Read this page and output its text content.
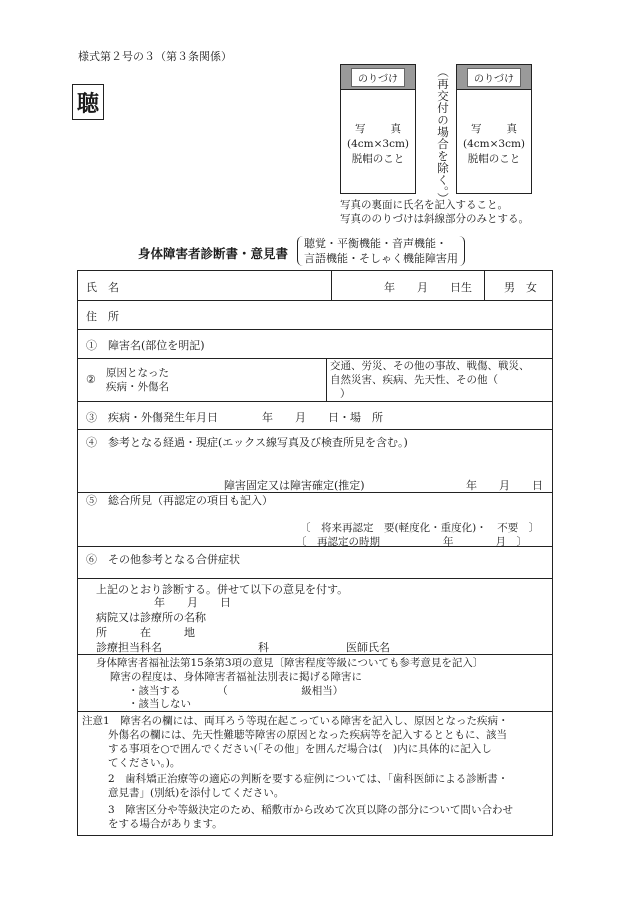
様式第２号の３（第３条関係）
聴
のりづけ
写 真
(4cm×3cm)
脱帽のこと	（再交付の場合を除く。）	のりづけ
写 真
(4cm×3cm)
脱帽のこと
写真の裏面に氏名を記入すること。
写真ののりづけは斜線部分のみとする。
身体障害者診断書・意見書
聴覚・平衡機能・音声機能・
言語機能・そしゃく機能障害用
氏　名	年　　月　　日生	男　女
住　所
①　障害名(部位を明記)
② 原因となった
疾病・外傷名
交通、労災、その他の事故、戦傷、戦災、
自然災害、疾病、先天性、その他（
）
③　疾病・外傷発生年月日　　　　年　　月　　日・場　所
④　参考となる経過・現症(エックス線写真及び検査所見を含む。)
障害固定又は障害確定(推定)	年　　月　　日
⑤　総合所見（再認定の項目も記入）
〔　将来再認定　要(軽度化・重度化)・　不要　〕
〔　再認定の時期　　　　　　年　　　　月　〕
⑥　その他参考となる合併症状
上記のとおり診断する。併せて以下の意見を付す。
年　　月　　日
病院又は診療所の名称
所　　　在　　　地
診療担当科名	科	医師氏名
身体障害者福祉法第15条第3項の意見〔障害程度等級についても参考意見を記入〕
障害の程度は、身体障害者福祉法別表に掲げる障害に
・該当する　　　　（　　　　　　　級相当）
・該当しない
注意1　障害名の欄には、両耳ろう等現在起こっている障害を記入し、原因となった疾病・
外傷名の欄には、先天性難聴等障害の原因となった疾病等を記入するとともに、該当
する事項を○で囲んでください(「その他」を囲んだ場合は(　)内に具体的に記入し
てください。)。
2　歯科矯正治療等の適応の判断を要する症例については、「歯科医師による診断書・
意見書」(別紙)を添付してください。
3　障害区分や等級決定のため、稲敷市から改めて次頁以降の部分について問い合わせ
をする場合があります。
